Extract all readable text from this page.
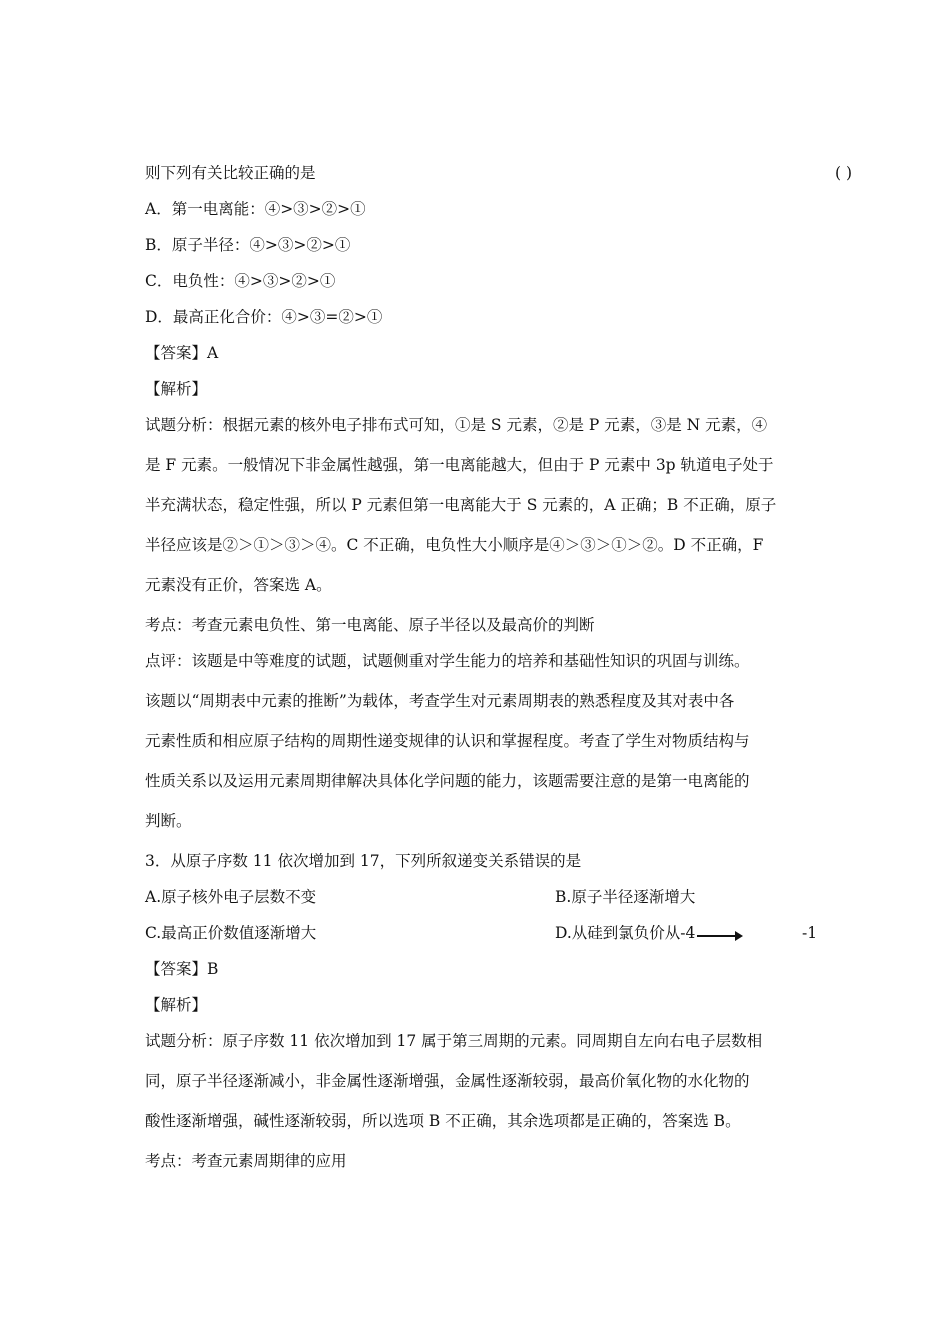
则下列有关比较正确的是	( )
A．第一电离能：④>③>②>①
B．原子半径：④>③>②>①
C．电负性：④>③>②>①
D．最高正化合价：④>③=②>①
【答案】A
【解析】
试题分析：根据元素的核外电子排布式可知，①是 S 元素，②是 P 元素，③是 N 元素，④
是 F 元素。一般情况下非金属性越强，第一电离能越大，但由于 P 元素中 3p 轨道电子处于
半充满状态，稳定性强，所以 P 元素但第一电离能大于 S 元素的，A 正确；B 不正确，原子
半径应该是②＞①＞③＞④。C 不正确，电负性大小顺序是④＞③＞①＞②。D 不正确，F
元素没有正价，答案选 A。
考点：考查元素电负性、第一电离能、原子半径以及最高价的判断
点评：该题是中等难度的试题，试题侧重对学生能力的培养和基础性知识的巩固与训练。
该题以“周期表中元素的推断”为载体，考查学生对元素周期表的熟悉程度及其对表中各
元素性质和相应原子结构的周期性递变规律的认识和掌握程度。考查了学生对物质结构与
性质关系以及运用元素周期律解决具体化学问题的能力，该题需要注意的是第一电离能的
判断。
3．从原子序数 11 依次增加到 17，下列所叙递变关系错误的是
A.原子核外电子层数不变	B.原子半径逐渐增大
C.最高正价数值逐渐增大	D.从硅到氯负价从-4	-1
【答案】B
【解析】
试题分析：原子序数 11 依次增加到 17 属于第三周期的元素。同周期自左向右电子层数相
同，原子半径逐渐减小，非金属性逐渐增强，金属性逐渐较弱，最高价氧化物的水化物的
酸性逐渐增强，碱性逐渐较弱，所以选项 B 不正确，其余选项都是正确的，答案选 B。
考点：考查元素周期律的应用
